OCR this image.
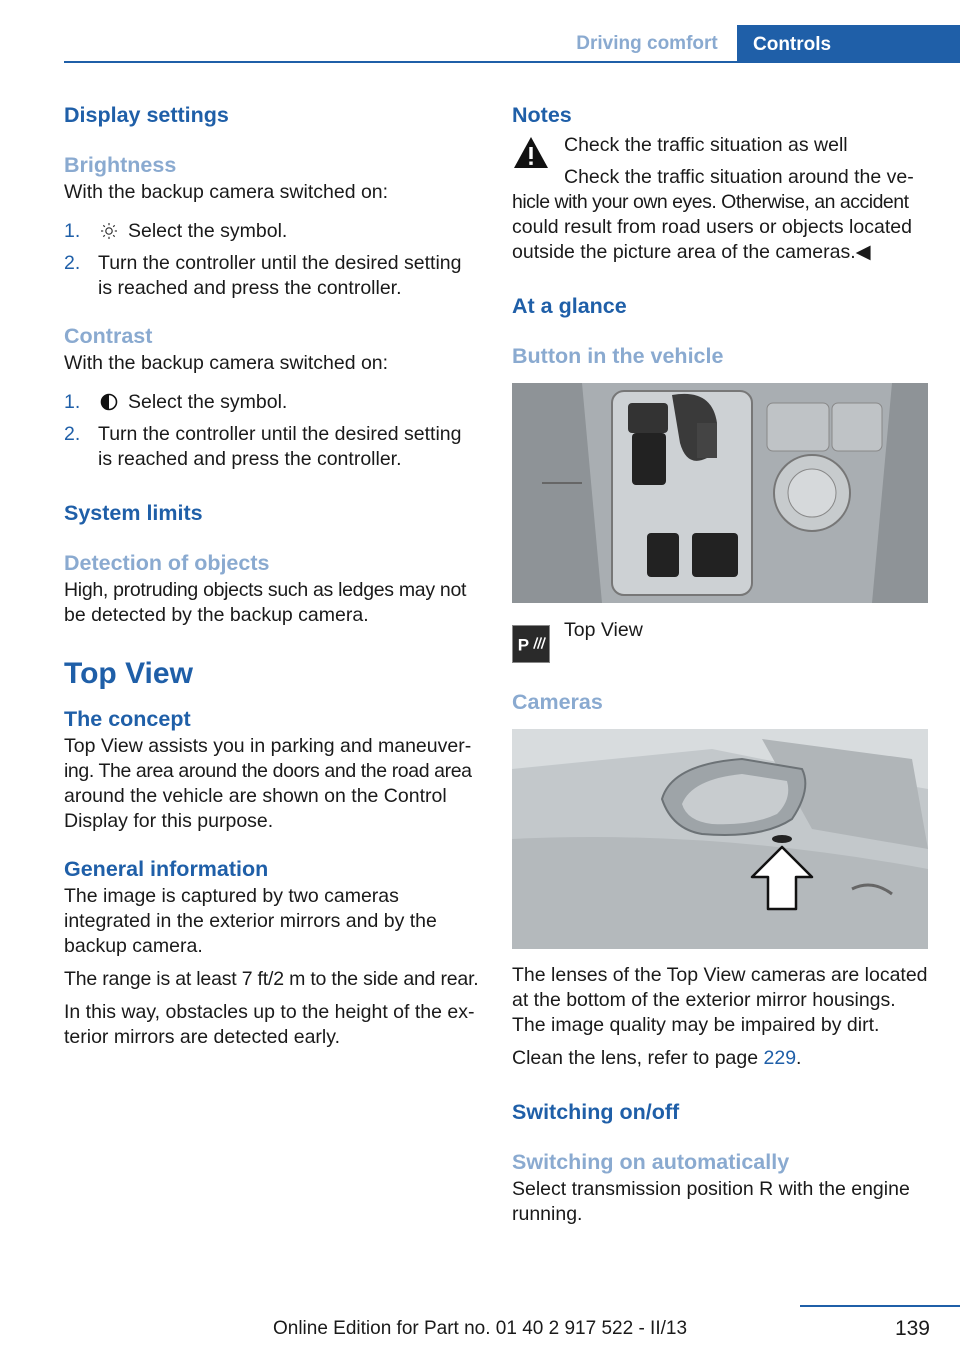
Driving comfort Controls
Display settings
Brightness

With the backup camera switched on:

1.	Select the symbol.
2. Turn the controller until the desired setting
is reached and press the controller.
Contrast

With the backup camera switched on:

1.	Select the symbol.
2. Turn the controller until the desired setting
is reached and press the controller.
System limits
Detection of objects

High, protruding objects such as ledges may not

be detected by the backup camera.

Top View
The concept

Top View assists you in parking and maneuver-

ing. The area around the doors and the road area

around the vehicle are shown on the Control

Display for this purpose.

General information

The image is captured by two cameras

integrated in the exterior mirrors and by the

backup camera.

The range is at least 7 ft/2 m to the side and rear.

In this way, obstacles up to the height of the ex-

terior mirrors are detected early.

Notes

Check the traffic situation as well

Check the traffic situation around the ve-

hicle with your own eyes. Otherwise, an accident

could result from road users or objects located

outside the picture area of the cameras.◀

At a glance
Button in the vehicle
P

Top View

Cameras

The lenses of the Top View cameras are located

at the bottom of the exterior mirror housings.

The image quality may be impaired by dirt.

Clean the lens, refer to page 229.

Switching on/off
Switching on automatically

Select transmission position R with the engine

running.

139
Online Edition for Part no. 01 40 2 917 522 - II/13
